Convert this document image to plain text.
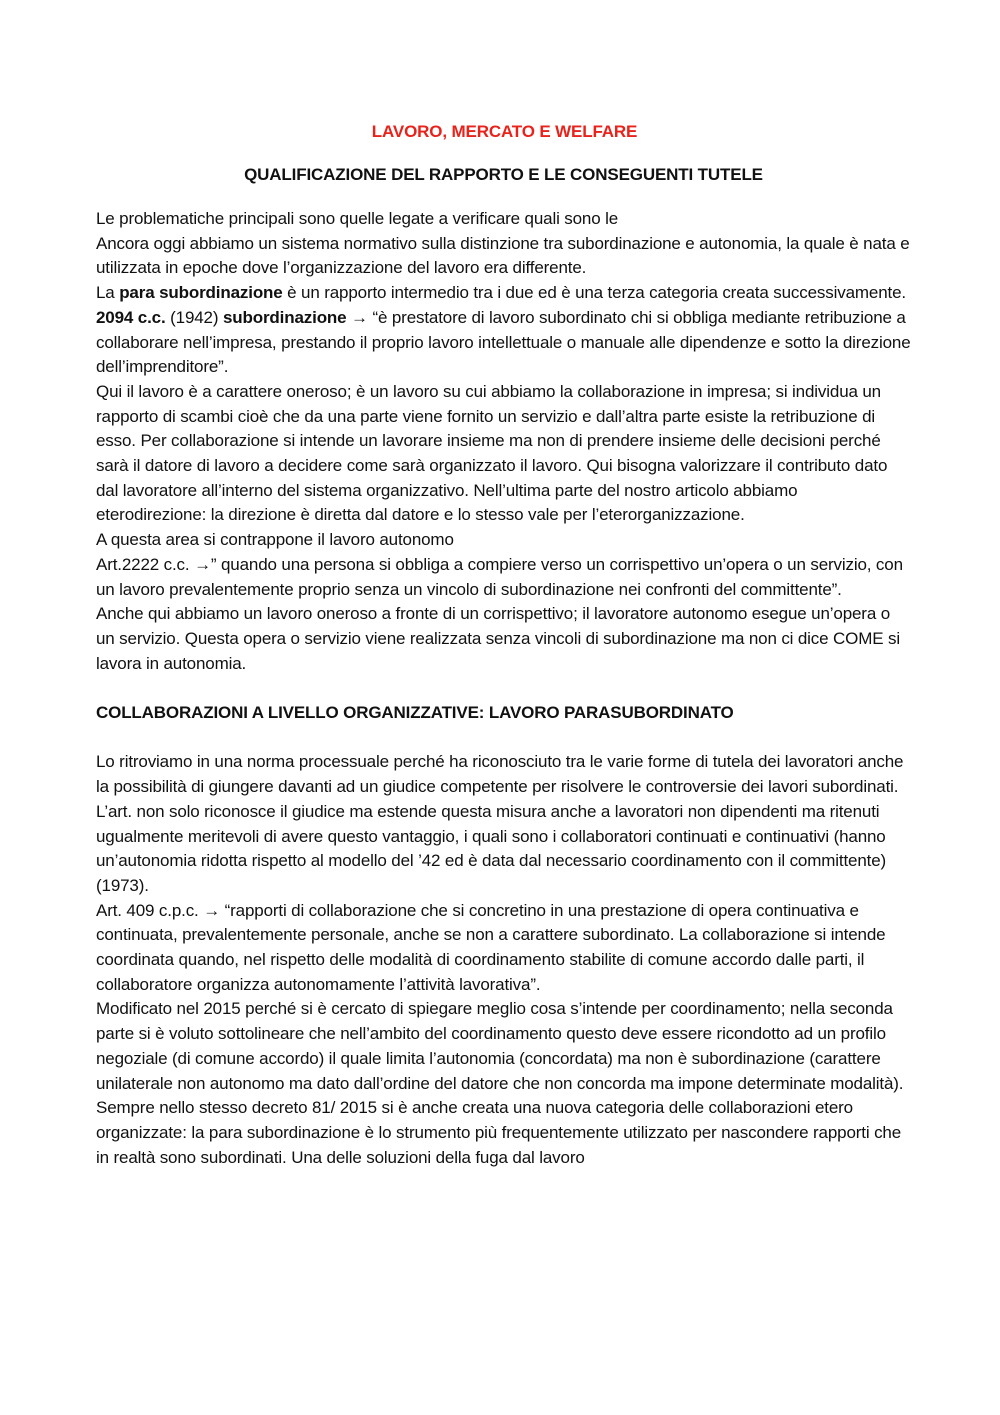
LAVORO, MERCATO E WELFARE
QUALIFICAZIONE DEL RAPPORTO E LE CONSEGUENTI TUTELE

Le problematiche principali sono quelle legate a verificare quali sono le

Ancora oggi abbiamo un sistema normativo sulla distinzione tra subordinazione e autonomia, la quale è nata e utilizzata in epoche dove l’organizzazione del lavoro era differente.

La para subordinazione è un rapporto intermedio tra i due ed è una terza categoria creata successivamente.

2094 c.c. (1942) subordinazione → “è prestatore di lavoro subordinato chi si obbliga mediante retribuzione a collaborare nell’impresa, prestando il proprio lavoro intellettuale o manuale alle dipendenze e sotto la direzione dell’imprenditore”.

Qui il lavoro è a carattere oneroso; è un lavoro su cui abbiamo la collaborazione in impresa; si individua un rapporto di scambi cioè che da una parte viene fornito un servizio e dall’altra parte esiste la retribuzione di esso. Per collaborazione si intende un lavorare insieme ma non di prendere insieme delle decisioni perché sarà il datore di lavoro a decidere come sarà organizzato il lavoro. Qui bisogna valorizzare il contributo dato dal lavoratore all’interno del sistema organizzativo. Nell’ultima parte del nostro articolo abbiamo eterodirezione: la direzione è diretta dal datore e lo stesso vale per l’eterorganizzazione.

A questa area si contrappone il lavoro autonomo

Art.2222 c.c. →” quando una persona si obbliga a compiere verso un corrispettivo un’opera o un servizio, con un lavoro prevalentemente proprio senza un vincolo di subordinazione nei confronti del committente”.

Anche qui abbiamo un lavoro oneroso a fronte di un corrispettivo; il lavoratore autonomo esegue un’opera o un servizio. Questa opera o servizio viene realizzata senza vincoli di subordinazione ma non ci dice COME si lavora in autonomia.

COLLABORAZIONI A LIVELLO ORGANIZZATIVE: LAVORO PARASUBORDINATO

Lo ritroviamo in una norma processuale perché ha riconosciuto tra le varie forme di tutela dei lavoratori anche la possibilità di giungere davanti ad un giudice competente per risolvere le controversie dei lavori subordinati. L’art. non solo riconosce il giudice ma estende questa misura anche a lavoratori non dipendenti ma ritenuti ugualmente meritevoli di avere questo vantaggio, i quali sono i collaboratori continuati e continuativi (hanno un’autonomia ridotta rispetto al modello del ’42 ed è data dal necessario coordinamento con il committente) (1973).

Art. 409 c.p.c. → “rapporti di collaborazione che si concretino in una prestazione di opera continuativa e continuata, prevalentemente personale, anche se non a carattere subordinato. La collaborazione si intende coordinata quando, nel rispetto delle modalità di coordinamento stabilite di comune accordo dalle parti, il collaboratore organizza autonomamente l’attività lavorativa”.

Modificato nel 2015 perché si è cercato di spiegare meglio cosa s’intende per coordinamento; nella seconda parte si è voluto sottolineare che nell’ambito del coordinamento questo deve essere ricondotto ad un profilo negoziale (di comune accordo) il quale limita l’autonomia (concordata) ma non è subordinazione (carattere unilaterale non autonomo ma dato dall’ordine del datore che non concorda ma impone determinate modalità).

Sempre nello stesso decreto 81/ 2015 si è anche creata una nuova categoria delle collaborazioni etero organizzate: la para subordinazione è lo strumento più frequentemente utilizzato per nascondere rapporti che in realtà sono subordinati. Una delle soluzioni della fuga dal lavoro
